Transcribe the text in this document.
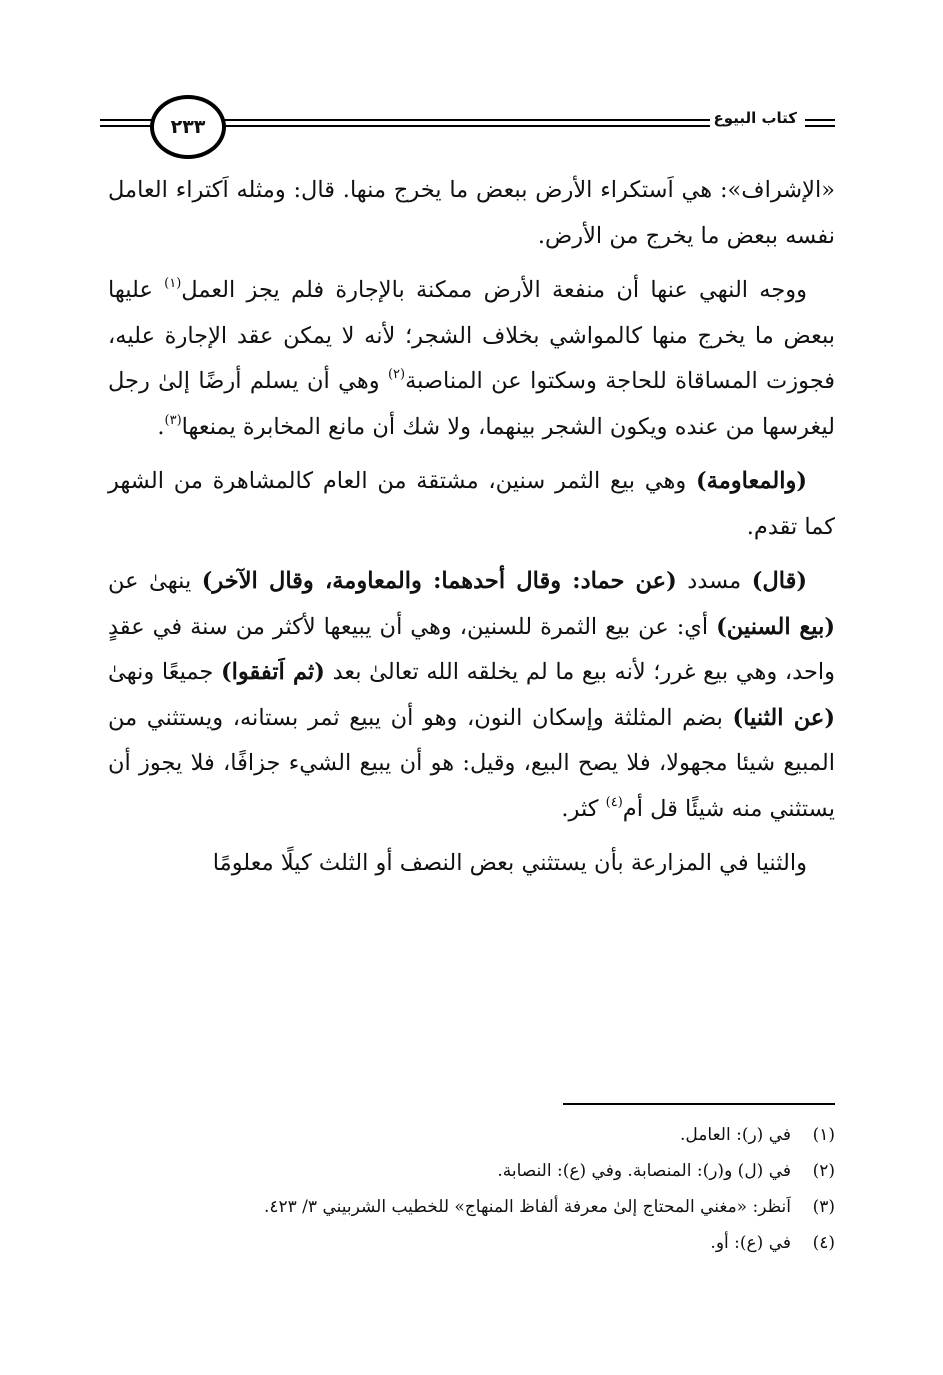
٢٣٣	كتاب البيوع

«الإشراف»: هي اَستكراء الأرض ببعض ما يخرج منها. قال: ومثله اَكتراء العامل نفسه ببعض ما يخرج من الأرض.

ووجه النهي عنها أن منفعة الأرض ممكنة بالإجارة فلم يجز العمل$^{(١)}$ عليها ببعض ما يخرج منها كالمواشي بخلاف الشجر؛ لأنه لا يمكن عقد الإجارة عليه، فجوزت المساقاة للحاجة وسكتوا عن المناصبة$^{(٢)}$ وهي أن يسلم أرضًا إلىٰ رجل ليغرسها من عنده ويكون الشجر بينهما، ولا شك أن مانع المخابرة يمنعها$^{(٣)}$.

(والمعاومة) وهي بيع الثمر سنين، مشتقة من العام كالمشاهرة من الشهر كما تقدم.

(قال) مسدد (عن حماد: وقال أحدهما: والمعاومة، وقال الآخر) ينهىٰ عن (بيع السنين) أي: عن بيع الثمرة للسنين، وهي أن يبيعها لأكثر من سنة في عقدٍ واحد، وهي بيع غرر؛ لأنه بيع ما لم يخلقه الله تعالىٰ بعد (ثم اَتفقوا) جميعًا ونهىٰ (عن الثنيا) بضم المثلثة وإسكان النون، وهو أن يبيع ثمر بستانه، ويستثني من المبيع شيئا مجهولا، فلا يصح البيع، وقيل: هو أن يبيع الشيء جزافًا، فلا يجوز أن يستثني منه شيئًا قل أم$^{(٤)}$ كثر.

والثنيا في المزارعة بأن يستثني بعض النصف أو الثلث كيلًا معلومًا

(١)
في (ر): العامل.
(٢)
في (ل) و(ر): المنصابة. وفي (ع): النصابة.
(٣)
اَنظر: «مغني المحتاج إلىٰ معرفة ألفاظ المنهاج» للخطيب الشربيني ٣/ ٤٢٣.
(٤)
في (ع): أو.
